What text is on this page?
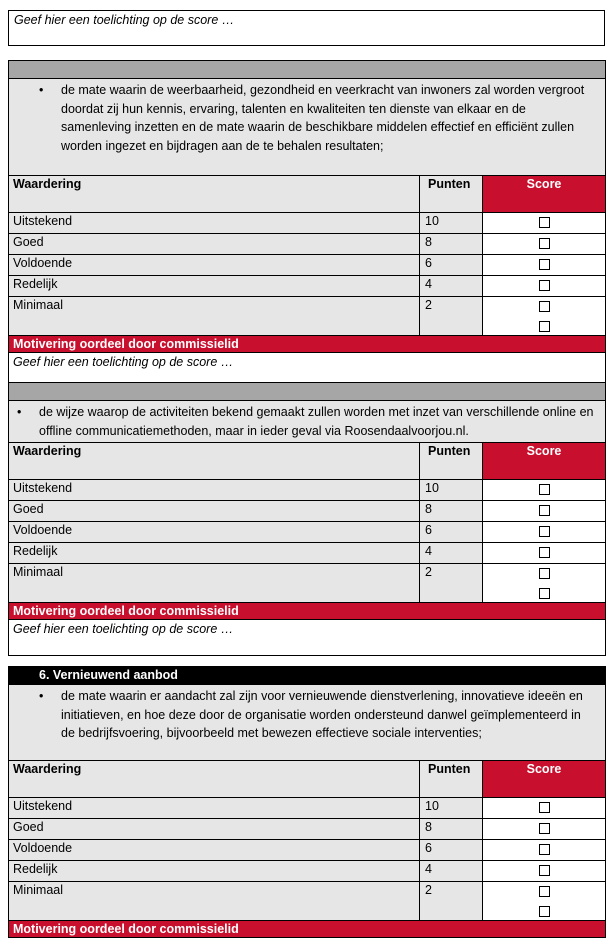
Geef hier een toelichting op de score …

• de mate waarin de weerbaarheid, gezondheid en veerkracht van inwoners zal worden vergroot doordat zij hun kennis, ervaring, talenten en kwaliteiten ten dienste van elkaar en de samenleving inzetten en de mate waarin de beschikbare middelen effectief en efficiënt zullen worden ingezet en bijdragen aan de te behalen resultaten;		
Waardering	Punten	Score
Uitstekend	10	
Goed	8	
Voldoende	6	
Redelijk	4	
Minimaal	2	

Motivering oordeel door commissielid		
Geef hier een toelichting op de score …		

• de wijze waarop de activiteiten bekend gemaakt zullen worden met inzet van verschillende online en offline communicatiemethoden, maar in ieder geval via Roosendaalvoorjou.nl.		
Waardering	Punten	Score
Uitstekend	10	
Goed	8	
Voldoende	6	
Redelijk	4	
Minimaal	2	

Motivering oordeel door commissielid		
Geef hier een toelichting op de score …		
6. Vernieuwend aanbod		

• de mate waarin er aandacht zal zijn voor vernieuwende dienstverlening, innovatieve ideeën en initiatieven, en hoe deze door de organisatie worden ondersteund danwel geïmplementeerd in de bedrijfsvoering, bijvoorbeeld met bewezen effectieve sociale interventies;		
Waardering	Punten	Score
Uitstekend	10	
Goed	8	
Voldoende	6	
Redelijk	4	
Minimaal	2	

Motivering oordeel door commissielid		
